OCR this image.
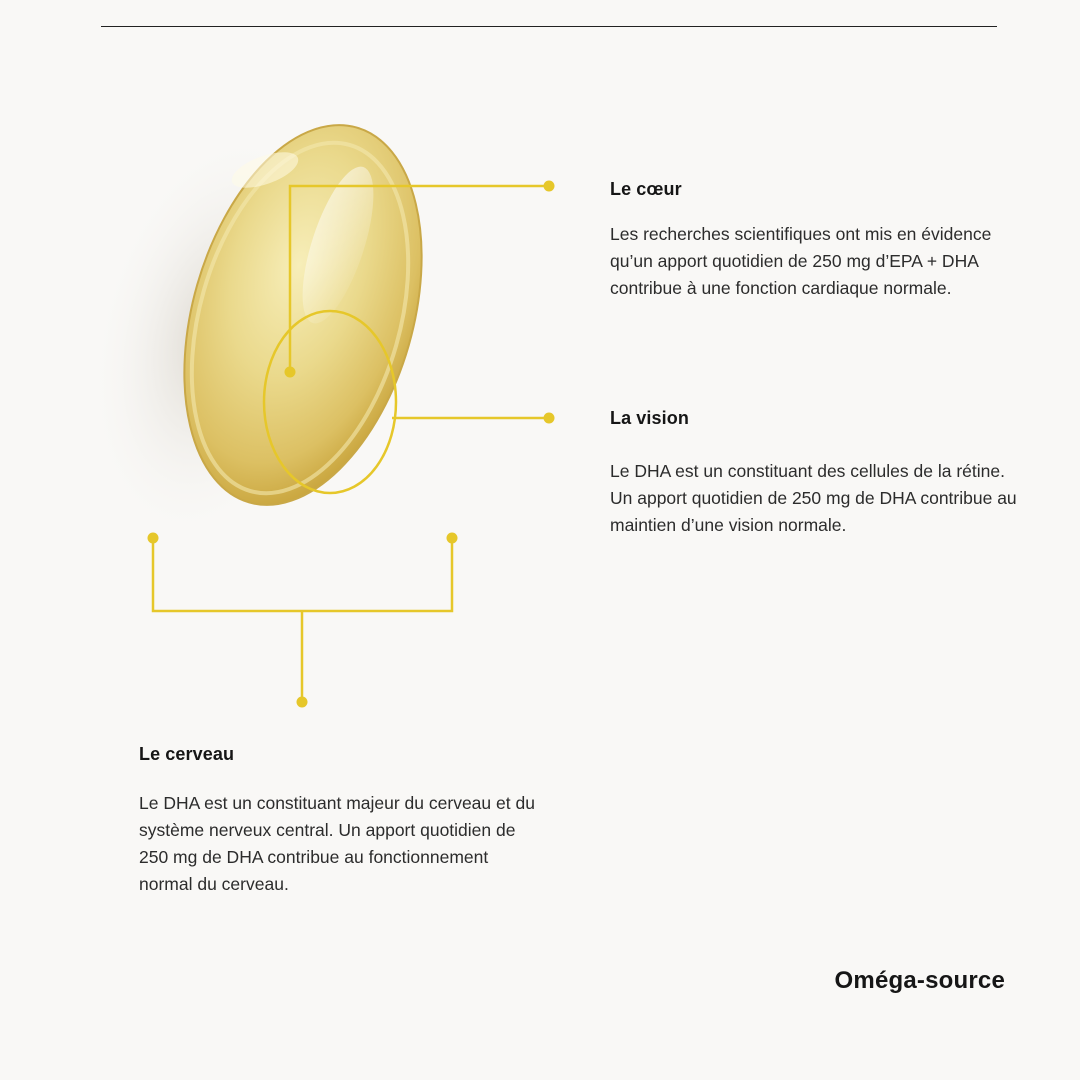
Le cœur

Les recherches scientifiques ont mis en évidence qu’un apport quotidien de 250 mg d’EPA + DHA contribue à une fonction cardiaque normale.

La vision

Le DHA est un constituant des cellules de la rétine. Un apport quotidien de 250 mg de DHA contribue au maintien d’une vision normale.

Le cerveau

Le DHA est un constituant majeur du cerveau et du système nerveux central. Un apport quotidien de 250 mg de DHA contribue au fonctionnement normal du cerveau.

Oméga-source
